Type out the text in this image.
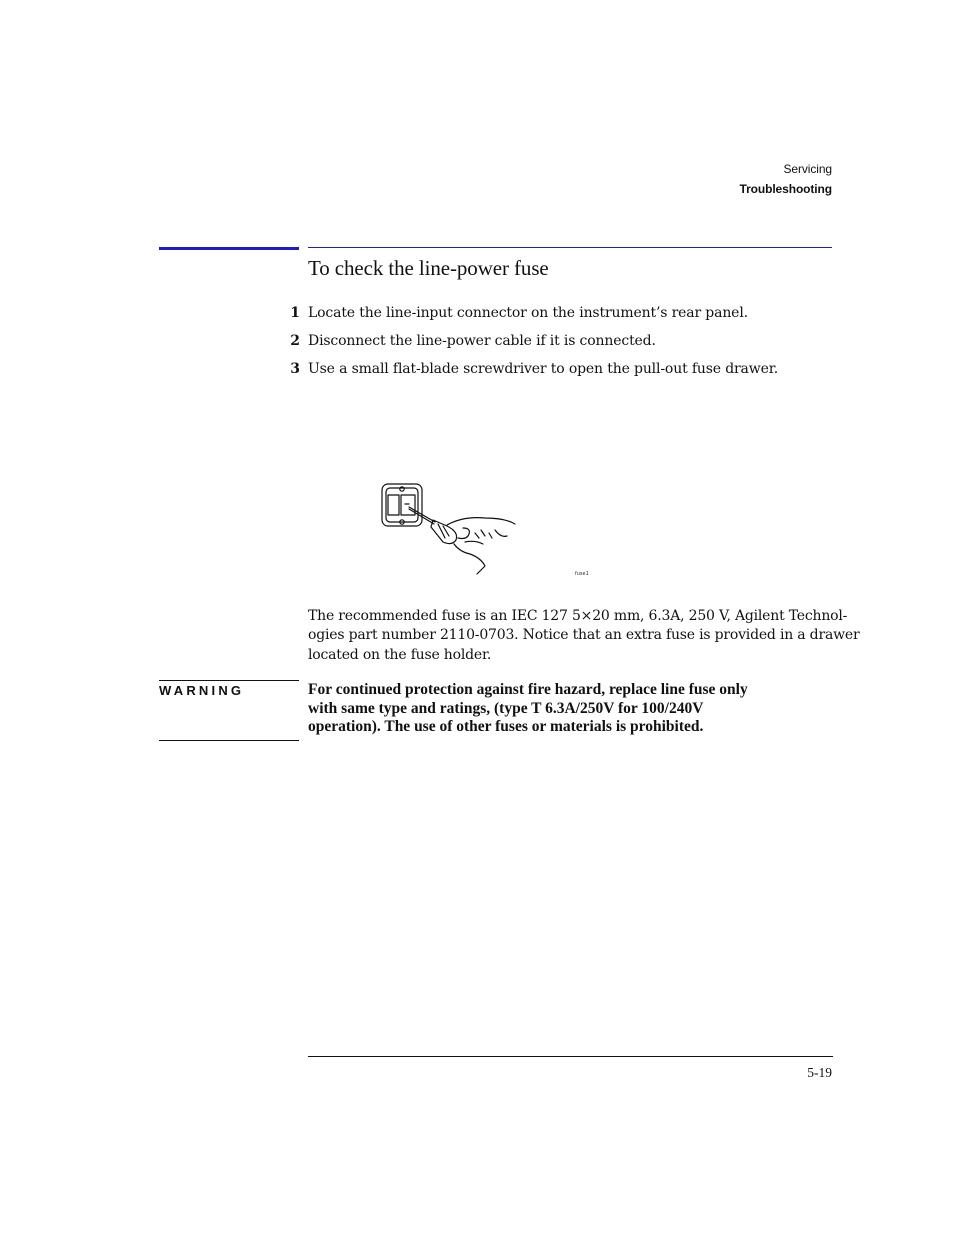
Servicing
Troubleshooting
To check the line-power fuse
1 Locate the line-input connector on the instrument’s rear panel.
2 Disconnect the line-power cable if it is connected.
3 Use a small flat-blade screwdriver to open the pull-out fuse drawer.
fuse1

The recommended fuse is an IEC 127 5×20 mm, 6.3A, 250 V, Agilent Technol-
ogies part number 2110-0703. Notice that an extra fuse is provided in a drawer
located on the fuse holder.

WARNING	For continued protection against fire hazard, replace line fuse only
with same type and ratings, (type T 6.3A/250V for 100/240V
operation). The use of other fuses or materials is prohibited.

5-19
